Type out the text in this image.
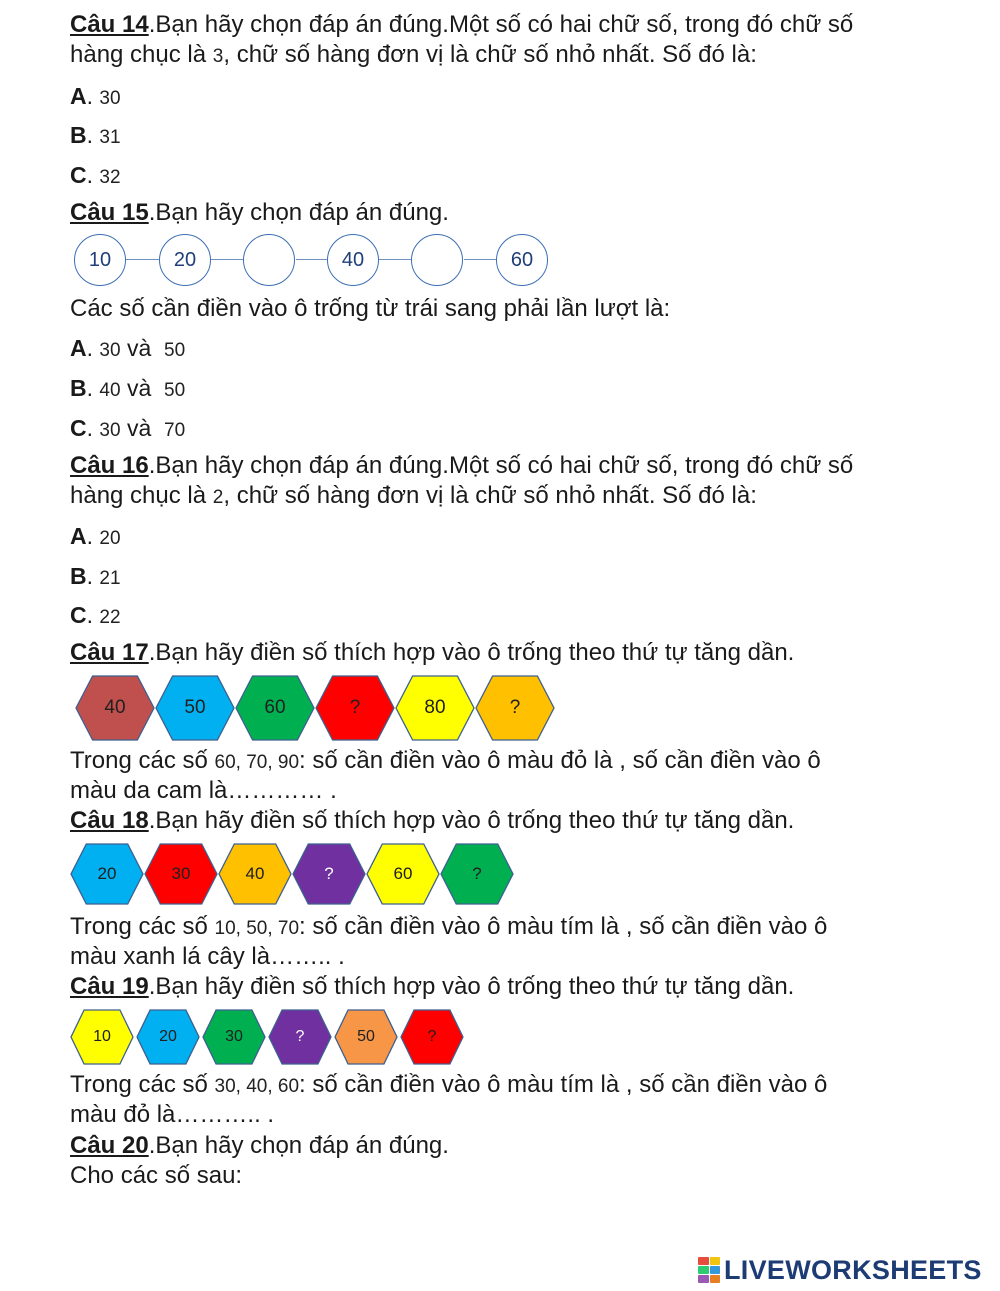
Câu 14.Bạn hãy chọn đáp án đúng.Một số có hai chữ số, trong đó chữ số
hàng chục là 3, chữ số hàng đơn vị là chữ số nhỏ nhất. Số đó là:
A. 30
B. 31
C. 32
Câu 15.Bạn hãy chọn đáp án đúng.
10	20	40	60
Các số cần điền vào ô trống từ trái sang phải lần lượt là:
A. 30 và 50
B. 40 và 50
C. 30 và 70
Câu 16.Bạn hãy chọn đáp án đúng.Một số có hai chữ số, trong đó chữ số
hàng chục là 2, chữ số hàng đơn vị là chữ số nhỏ nhất. Số đó là:
A. 20
B. 21
C. 22
Câu 17.Bạn hãy điền số thích hợp vào ô trống theo thứ tự tăng dần.
40	50	60	?	80	?
Trong các số 60, 70, 90: số cần điền vào ô màu đỏ là , số cần điền vào ô
màu da cam là………… .
Câu 18.Bạn hãy điền số thích hợp vào ô trống theo thứ tự tăng dần.
20	30	40	?	60	?
Trong các số 10, 50, 70: số cần điền vào ô màu tím là , số cần điền vào ô
màu xanh lá cây là…….. .
Câu 19.Bạn hãy điền số thích hợp vào ô trống theo thứ tự tăng dần.
10	20	30	?	50	?
Trong các số 30, 40, 60: số cần điền vào ô màu tím là , số cần điền vào ô
màu đỏ là……….. .
Câu 20.Bạn hãy chọn đáp án đúng.
Cho các số sau:
LIVEWORKSHEETS
